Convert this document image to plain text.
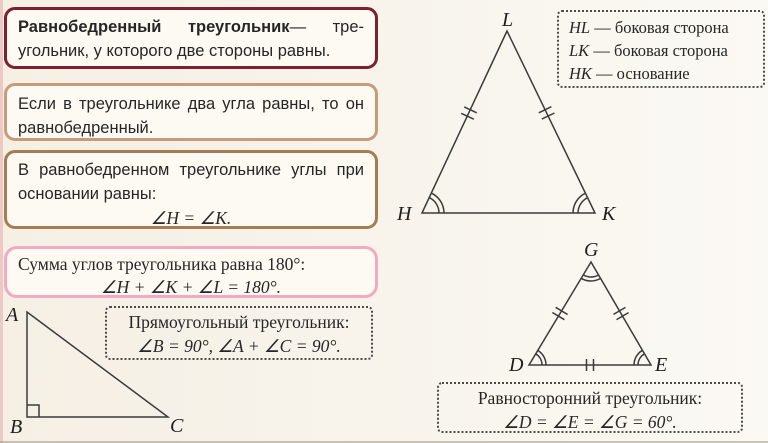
Равнобедренный треугольник— тре-

угольник, у которого две стороны равны.

Если в треугольнике два угла равны, то он равнобедренный.

В равнобедренном треугольнике углы при основании равны:

∠H = ∠K.

Сумма углов треугольника равна 180°:

∠H + ∠K + ∠L = 180°.
Прямоугольный треугольник:
∠B = 90°, ∠A + ∠C = 90°.
HL — боковая сторона
LK — боковая сторона
HK — основание
Равносторонний треугольник:
∠D = ∠E = ∠G = 60°.
L
H	K
A
B	C
G
D	E
